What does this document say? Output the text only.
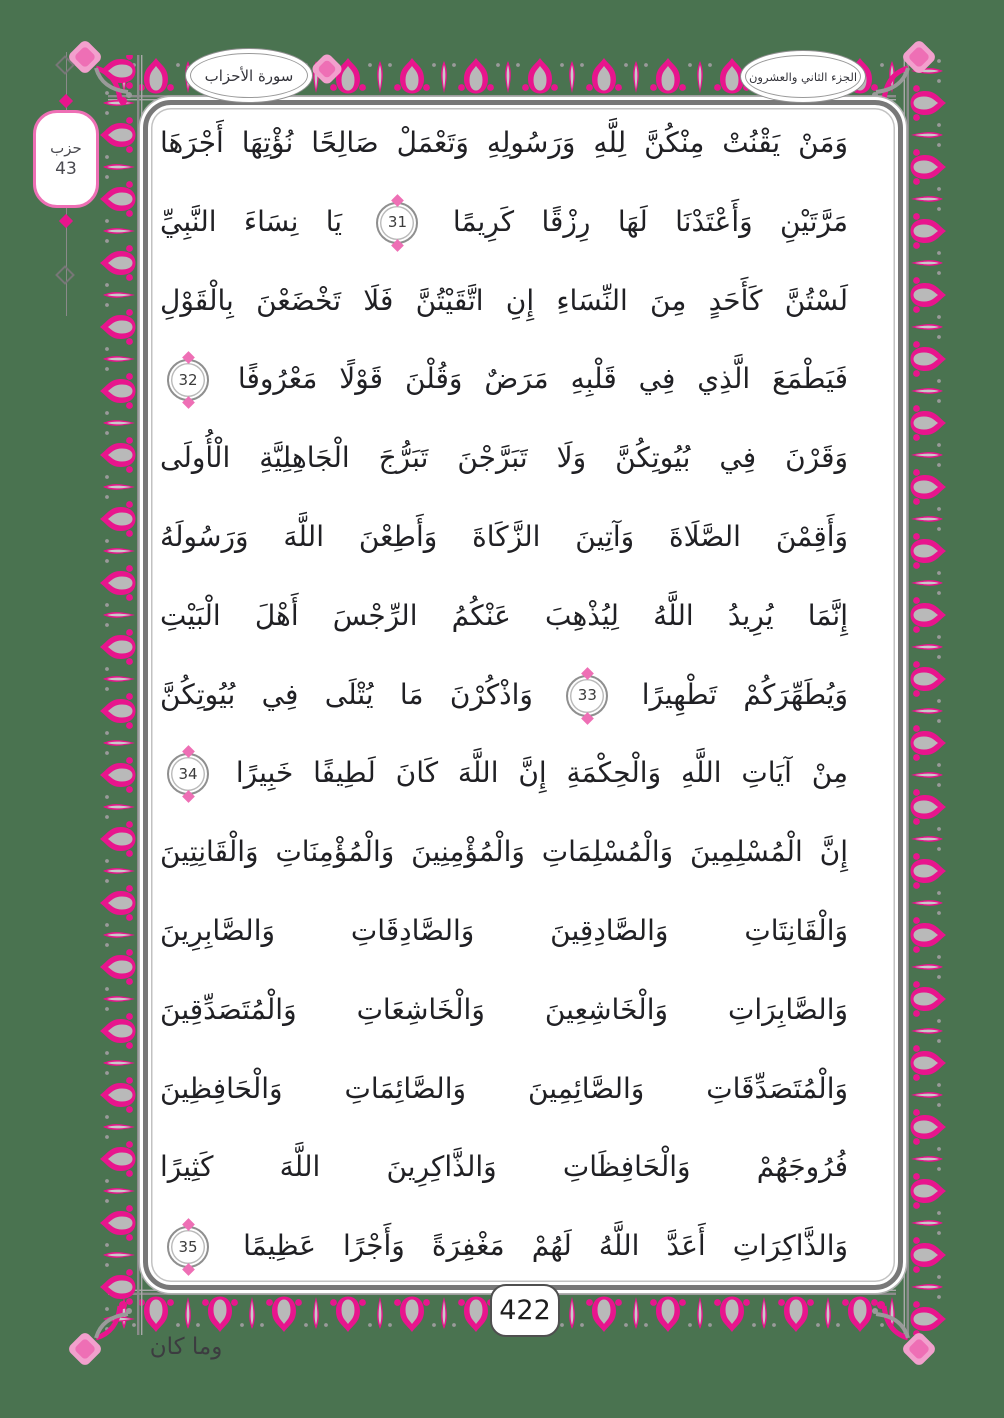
وَمَنْ يَقْنُتْ مِنْكُنَّ لِلَّهِ وَرَسُولِهِ وَتَعْمَلْ صَالِحًا نُؤْتِهَا أَجْرَهَا
مَرَّتَيْنِ وَأَعْتَدْنَا لَهَا رِزْقًا كَرِيمًا
31
يَا نِسَاءَ النَّبِيِّ
لَسْتُنَّ كَأَحَدٍ مِنَ النِّسَاءِ إِنِ اتَّقَيْتُنَّ فَلَا تَخْضَعْنَ بِالْقَوْلِ
فَيَطْمَعَ الَّذِي فِي قَلْبِهِ مَرَضٌ وَقُلْنَ قَوْلًا مَعْرُوفًا
32
وَقَرْنَ فِي بُيُوتِكُنَّ وَلَا تَبَرَّجْنَ تَبَرُّجَ الْجَاهِلِيَّةِ الْأُولَى
وَأَقِمْنَ الصَّلَاةَ وَآتِينَ الزَّكَاةَ وَأَطِعْنَ اللَّهَ وَرَسُولَهُ
إِنَّمَا يُرِيدُ اللَّهُ لِيُذْهِبَ عَنْكُمُ الرِّجْسَ أَهْلَ الْبَيْتِ
وَيُطَهِّرَكُمْ تَطْهِيرًا
33
وَاذْكُرْنَ مَا يُتْلَى فِي بُيُوتِكُنَّ
مِنْ آيَاتِ اللَّهِ وَالْحِكْمَةِ إِنَّ اللَّهَ كَانَ لَطِيفًا خَبِيرًا
34
إِنَّ الْمُسْلِمِينَ وَالْمُسْلِمَاتِ وَالْمُؤْمِنِينَ وَالْمُؤْمِنَاتِ وَالْقَانِتِينَ
وَالْقَانِتَاتِ وَالصَّادِقِينَ وَالصَّادِقَاتِ وَالصَّابِرِينَ
وَالصَّابِرَاتِ وَالْخَاشِعِينَ وَالْخَاشِعَاتِ وَالْمُتَصَدِّقِينَ
وَالْمُتَصَدِّقَاتِ وَالصَّائِمِينَ وَالصَّائِمَاتِ وَالْحَافِظِينَ
فُرُوجَهُمْ وَالْحَافِظَاتِ وَالذَّاكِرِينَ اللَّهَ كَثِيرًا
وَالذَّاكِرَاتِ أَعَدَّ اللَّهُ لَهُمْ مَغْفِرَةً وَأَجْرًا عَظِيمًا
35
سورة الأحزاب	الجزء الثاني والعشرون
حزب
43
422
وما كان
